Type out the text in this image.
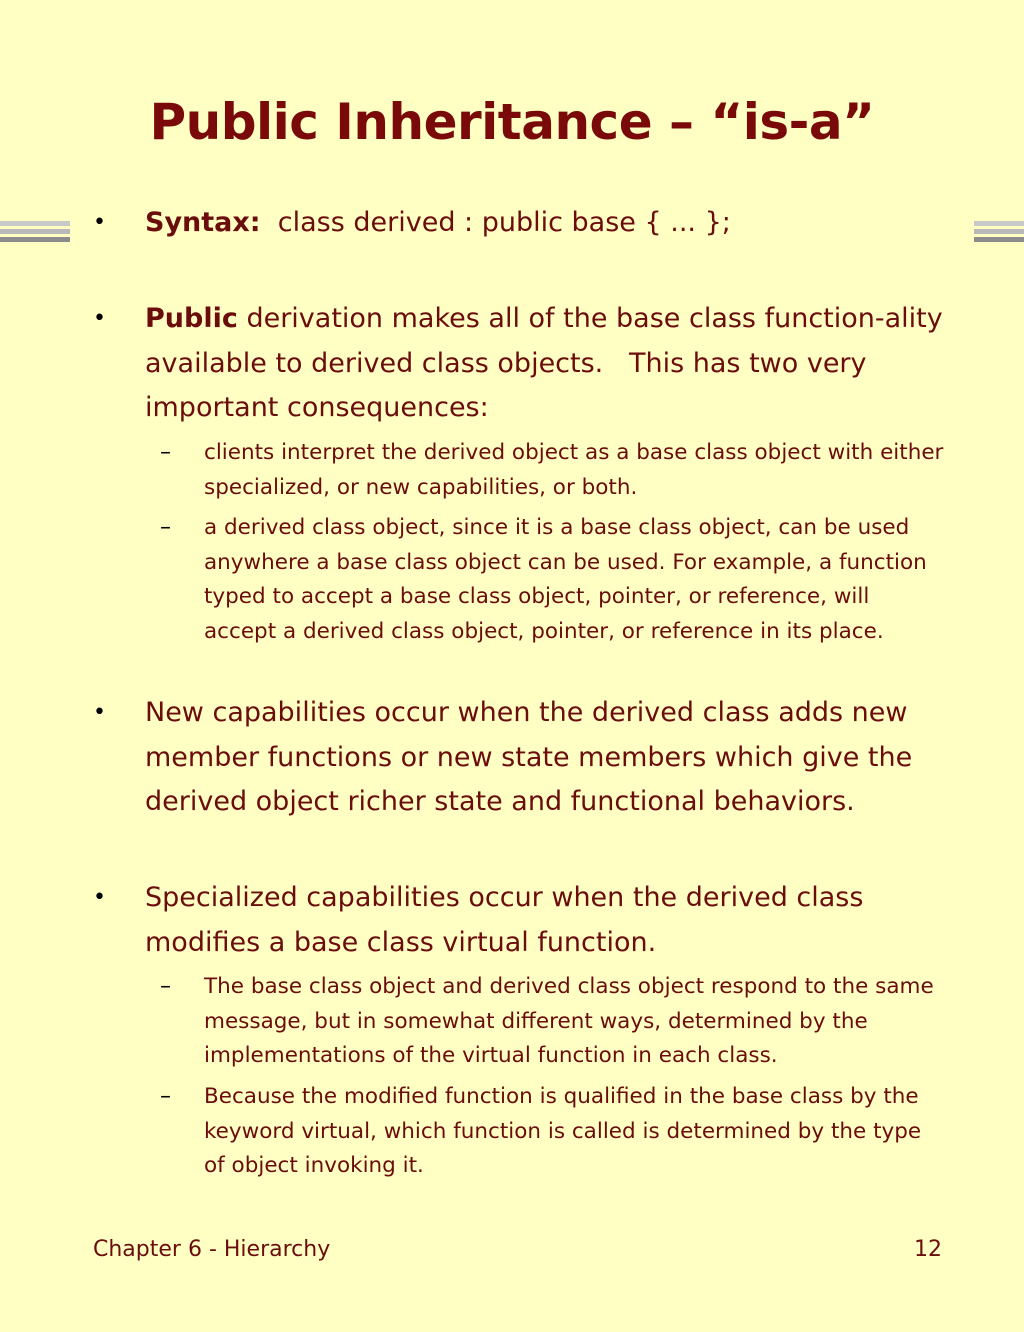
Public Inheritance – “is-a”
• Syntax:  class derived : public base { ... };
• Public derivation makes all of the base class function-ality available to derived class objects.   This has two very important consequences:
– clients interpret the derived object as a base class object with either specialized, or new capabilities, or both.
– a derived class object, since it is a base class object, can be used anywhere a base class object can be used. For example, a function typed to accept a base class object, pointer, or reference, will accept a derived class object, pointer, or reference in its place.
• New capabilities occur when the derived class adds new member functions or new state members which give the derived object richer state and functional behaviors.
• Specialized capabilities occur when the derived class modifies a base class virtual function.
– The base class object and derived class object respond to the same message, but in somewhat different ways, determined by the implementations of the virtual function in each class.
– Because the modified function is qualified in the base class by the keyword virtual, which function is called is determined by the type of object invoking it.
Chapter 6 - Hierarchy	12
